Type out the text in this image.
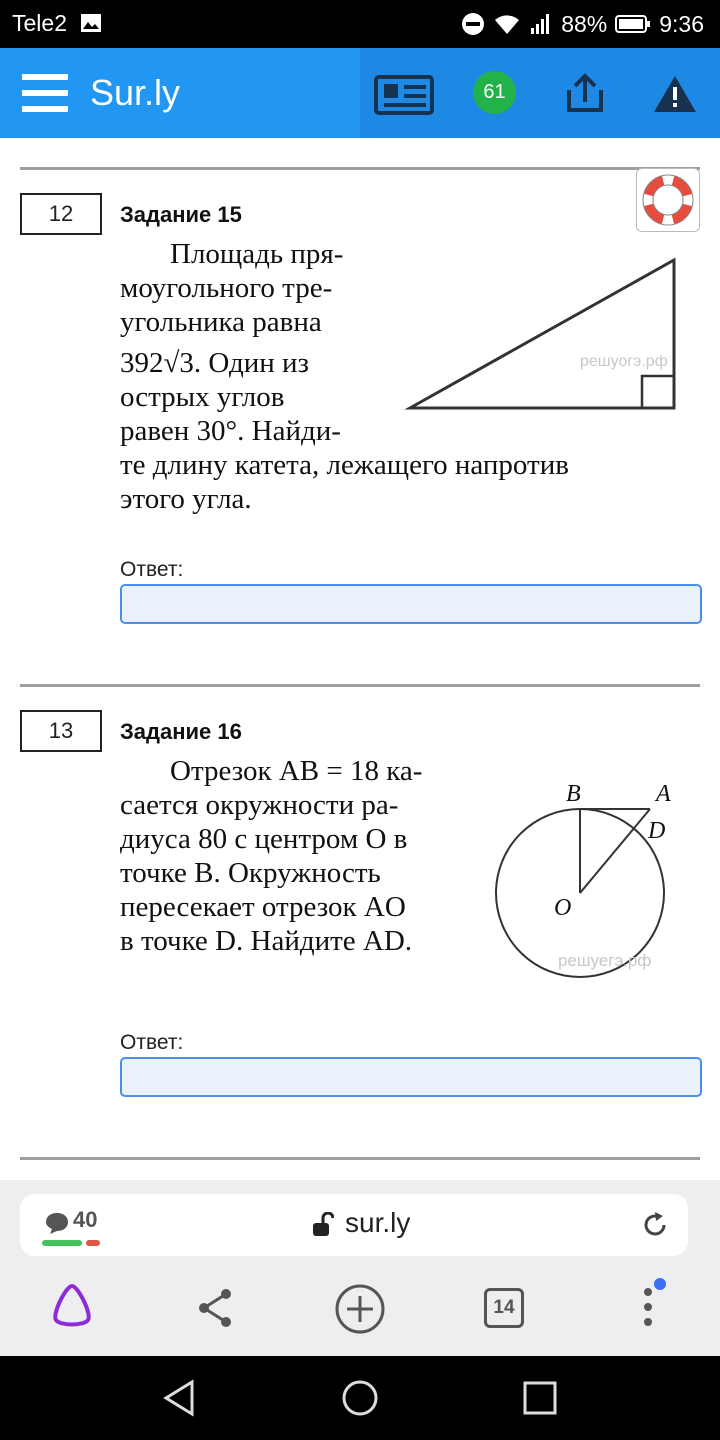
Tele2	88% 9:36
Sur.ly	61
12	Задание 15
Площадь пря-
моугольного тре-
угольника равна
392√3. Один из
острых углов
равен 30°. Найди-
те длину катета, лежащего напротив
этого угла.
решуогэ.рф
Ответ:
13	Задание 16
Отрезок AB = 18 ка-
сается окружности ра-
диуса 80 с центром O в
точке B. Окружность
пересекает отрезок AO
в точке D. Найдите AD.
B	A
D
O
решуегэ.рф
Ответ:
40	sur.ly
14
